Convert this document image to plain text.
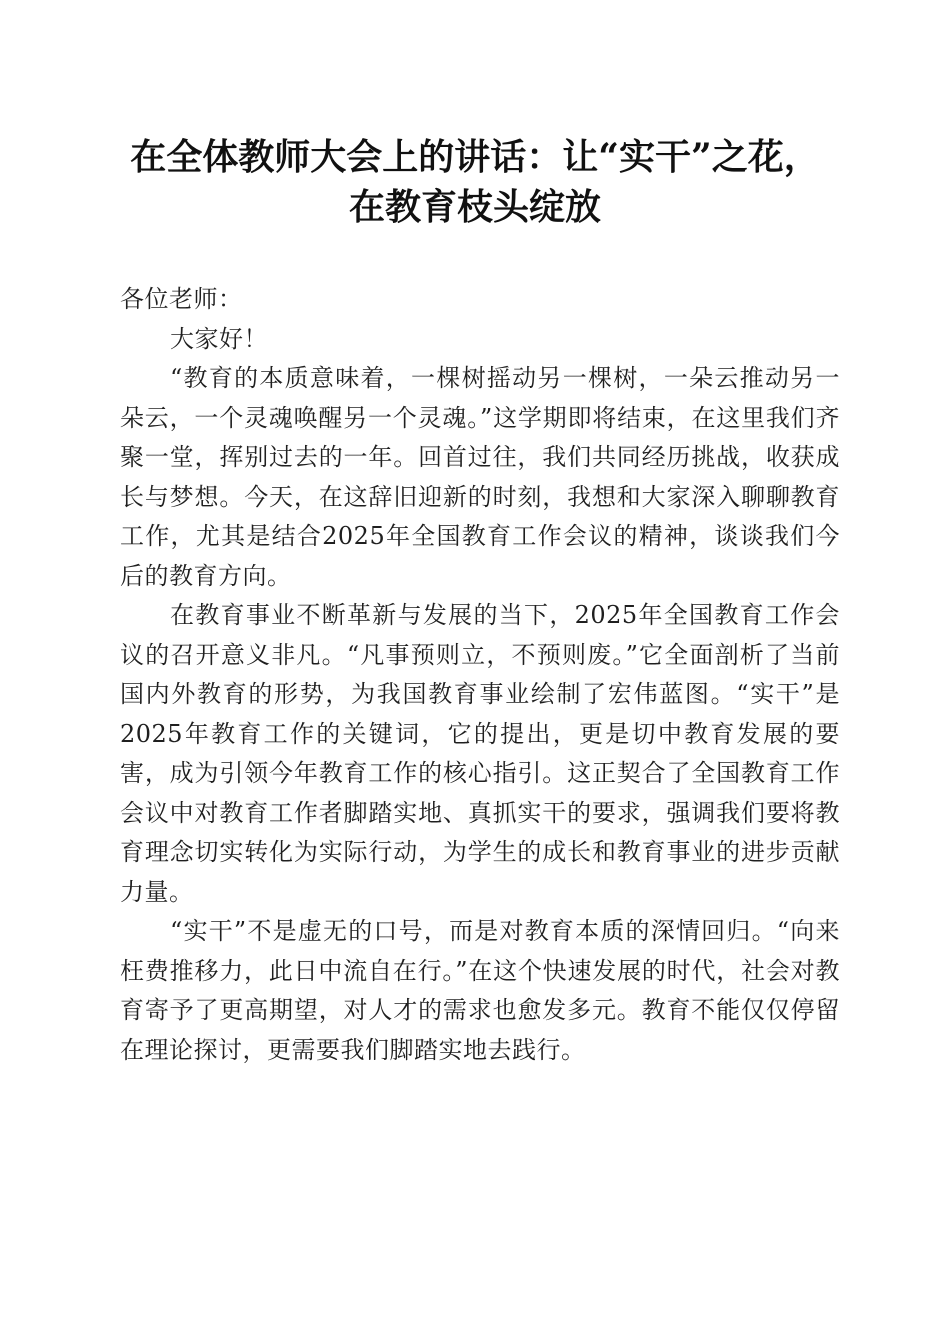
在全体教师大会上的讲话：让“实干”之花，
在教育枝头绽放

各位老师：

大家好！

“教育的本质意味着，一棵树摇动另一棵树，一朵云推动另一朵云，一个灵魂唤醒另一个灵魂。”这学期即将结束，在这里我们齐聚一堂，挥别过去的一年。回首过往，我们共同经历挑战，收获成长与梦想。今天，在这辞旧迎新的时刻，我想和大家深入聊聊教育工作，尤其是结合2025年全国教育工作会议的精神，谈谈我们今后的教育方向。

在教育事业不断革新与发展的当下，2025年全国教育工作会议的召开意义非凡。“凡事预则立，不预则废。”它全面剖析了当前国内外教育的形势，为我国教育事业绘制了宏伟蓝图。“实干”是2025年教育工作的关键词，它的提出，更是切中教育发展的要害，成为引领今年教育工作的核心指引。这正契合了全国教育工作会议中对教育工作者脚踏实地、真抓实干的要求，强调我们要将教育理念切实转化为实际行动，为学生的成长和教育事业的进步贡献力量。

“实干”不是虚无的口号，而是对教育本质的深情回归。“向来枉费推移力，此日中流自在行。”在这个快速发展的时代，社会对教育寄予了更高期望，对人才的需求也愈发多元。教育不能仅仅停留在理论探讨，更需要我们脚踏实地去践行。
